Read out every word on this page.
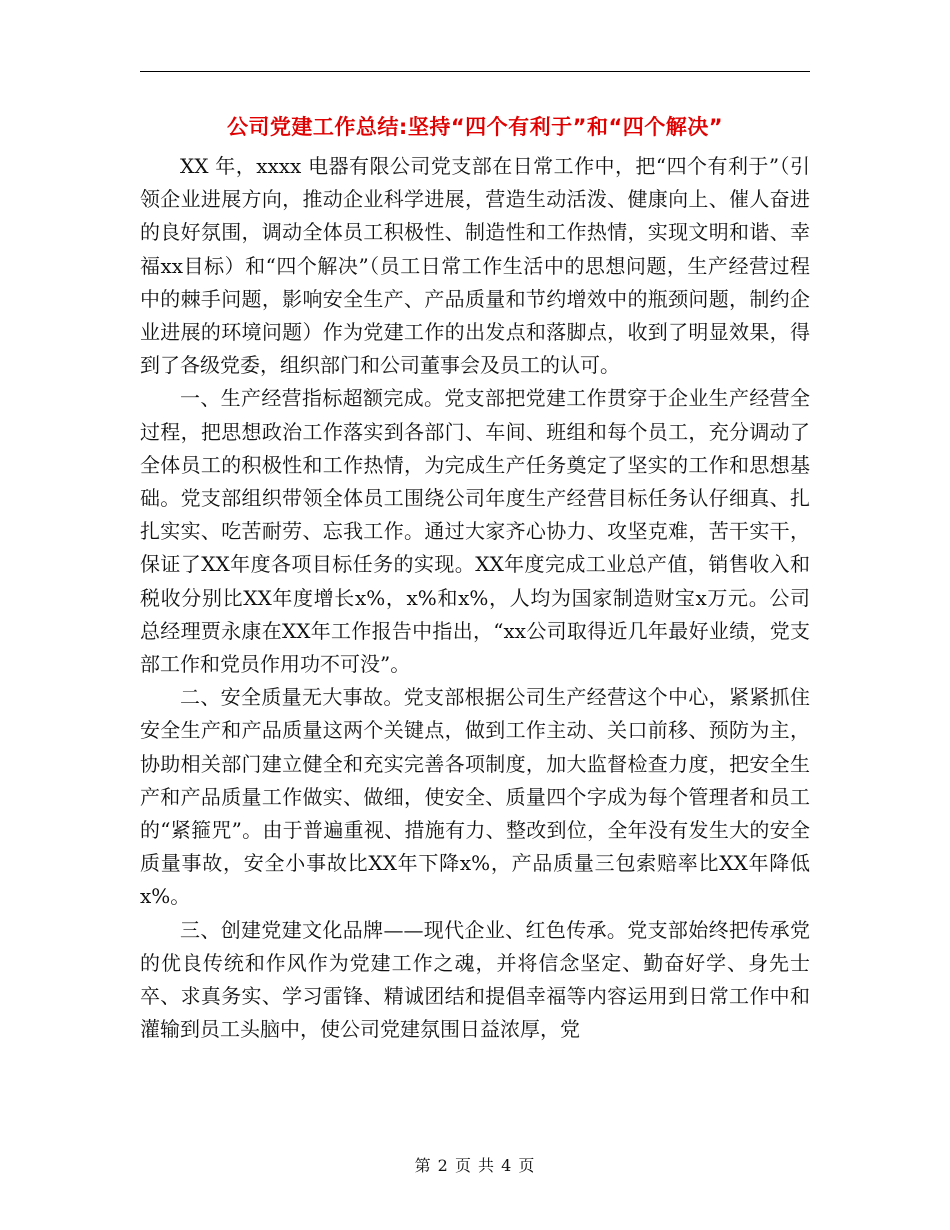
公司党建工作总结:坚持“四个有利于”和“四个解决”

XX 年，xxxx 电器有限公司党支部在日常工作中，把“四个有利于”（引领企业进展方向，推动企业科学进展，营造生动活泼、健康向上、催人奋进的良好氛围，调动全体员工积极性、制造性和工作热情，实现文明和谐、幸福xx目标）和“四个解决”（员工日常工作生活中的思想问题，生产经营过程中的棘手问题，影响安全生产、产品质量和节约增效中的瓶颈问题，制约企业进展的环境问题）作为党建工作的出发点和落脚点，收到了明显效果，得到了各级党委，组织部门和公司董事会及员工的认可。

一、生产经营指标超额完成。党支部把党建工作贯穿于企业生产经营全过程，把思想政治工作落实到各部门、车间、班组和每个员工，充分调动了全体员工的积极性和工作热情，为完成生产任务奠定了坚实的工作和思想基础。党支部组织带领全体员工围绕公司年度生产经营目标任务认仔细真、扎扎实实、吃苦耐劳、忘我工作。通过大家齐心协力、攻坚克难，苦干实干，保证了XX年度各项目标任务的实现。XX年度完成工业总产值，销售收入和税收分别比XX年度增长x%，x%和x%，人均为国家制造财宝x万元。公司总经理贾永康在XX年工作报告中指出，“xx公司取得近几年最好业绩，党支部工作和党员作用功不可没”。

二、安全质量无大事故。党支部根据公司生产经营这个中心，紧紧抓住安全生产和产品质量这两个关键点，做到工作主动、关口前移、预防为主，协助相关部门建立健全和充实完善各项制度，加大监督检查力度，把安全生产和产品质量工作做实、做细，使安全、质量四个字成为每个管理者和员工的“紧箍咒”。由于普遍重视、措施有力、整改到位，全年没有发生大的安全质量事故，安全小事故比XX年下降x%，产品质量三包索赔率比XX年降低x%。

三、创建党建文化品牌——现代企业、红色传承。党支部始终把传承党的优良传统和作风作为党建工作之魂，并将信念坚定、勤奋好学、身先士卒、求真务实、学习雷锋、精诚团结和提倡幸福等内容运用到日常工作中和灌输到员工头脑中，使公司党建氛围日益浓厚，党

第 2 页 共 4 页
